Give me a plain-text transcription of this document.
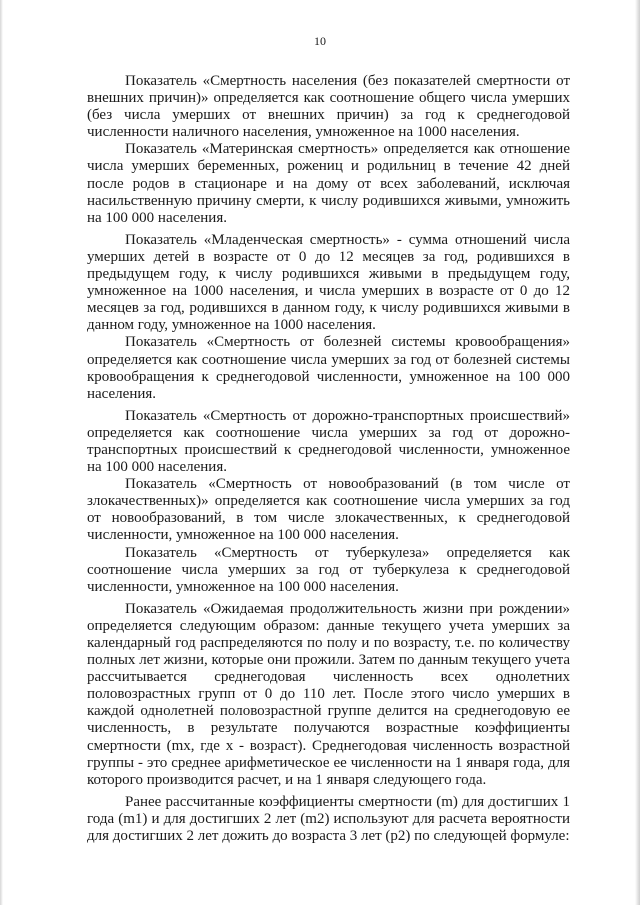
10

Показатель «Смертность населения (без показателей смертности от внешних причин)» определяется как соотношение общего числа умерших (без числа умерших от внешних причин) за год к среднегодовой численности наличного населения, умноженное на 1000 населения.

Показатель «Материнская смертность» определяется как отношение числа умерших беременных, рожениц и родильниц в течение 42 дней после родов в стационаре и на дому от всех заболеваний, исключая насильственную причину смерти, к числу родившихся живыми, умножить на 100 000 населения.

Показатель «Младенческая смертность» - сумма отношений числа умерших детей в возрасте от 0 до 12 месяцев за год, родившихся в предыдущем году, к числу родившихся живыми в предыдущем году, умноженное на 1000 населения, и числа умерших в возрасте от 0 до 12 месяцев за год, родившихся в данном году, к числу родившихся живыми в данном году, умноженное на 1000 населения.

Показатель «Смертность от болезней системы кровообращения» определяется как соотношение числа умерших за год от болезней системы кровообращения к среднегодовой численности, умноженное на 100 000 населения.

Показатель «Смертность от дорожно-транспортных происшествий» определяется как соотношение числа умерших за год от дорожно-транспортных происшествий к среднегодовой численности, умноженное на 100 000 населения.

Показатель «Смертность от новообразований (в том числе от злокачественных)» определяется как соотношение числа умерших за год от новообразований, в том числе злокачественных, к среднегодовой численности, умноженное на 100 000 населения.

Показатель «Смертность от туберкулеза» определяется как соотношение числа умерших за год от туберкулеза к среднегодовой численности, умноженное на 100 000 населения.

Показатель «Ожидаемая продолжительность жизни при рождении» определяется следующим образом: данные текущего учета умерших за календарный год распределяются по полу и по возрасту, т.е. по количеству полных лет жизни, которые они прожили. Затем по данным текущего учета рассчитывается среднегодовая численность всех однолетних половозрастных групп от 0 до 110 лет. После этого число умерших в каждой однолетней половозрастной группе делится на среднегодовую ее численность, в результате получаются возрастные коэффициенты смертности (mx, где x - возраст). Среднегодовая численность возрастной группы - это среднее арифметическое ее численности на 1 января года, для которого производится расчет, и на 1 января следующего года.

Ранее рассчитанные коэффициенты смертности (m) для достигших 1 года (m1) и для достигших 2 лет (m2) используют для расчета вероятности для достигших 2 лет дожить до возраста 3 лет (p2) по следующей формуле:
